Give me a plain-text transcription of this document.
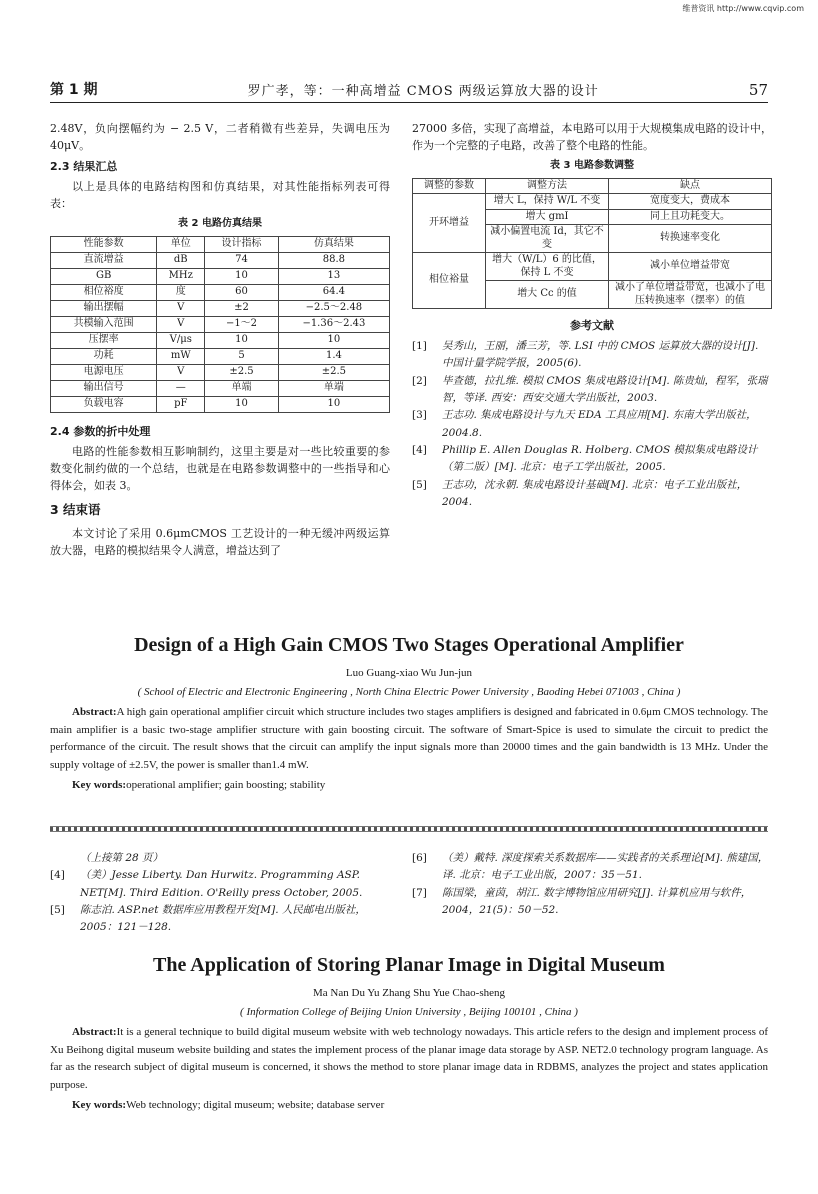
维普资讯 http://www.cqvip.com
第 1 期	罗广孝，等：一种高增益 CMOS 两级运算放大器的设计	57

2.48V，负向摆幅约为 − 2.5 V，二者稍微有些差异，失调电压为 40μV。

2.3 结果汇总

以上是具体的电路结构图和仿真结果，对其性能指标列表可得表：

表 2 电路仿真结果
性能参数	单位	设计指标	仿真结果
直流增益	dB	74	88.8
GB	MHz	10	13
相位裕度	度	60	64.4
输出摆幅	V	±2	−2.5～2.48
共模输入范围	V	−1～2	−1.36～2.43
压摆率	V/μs	10	10
功耗	mW	5	1.4
电源电压	V	±2.5	±2.5
输出信号	—	单端	单端
负载电容	pF	10	10
2.4 参数的折中处理

电路的性能参数相互影响制约，这里主要是对一些比较重要的参数变化制约做的一个总结，也就是在电路参数调整中的一些指导和心得体会，如表 3。

3 结束语

本文讨论了采用 0.6μmCMOS 工艺设计的一种无缓冲两级运算放大器，电路的模拟结果令人满意，增益达到了

27000 多倍，实现了高增益，本电路可以用于大规模集成电路的设计中，作为一个完整的子电路，改善了整个电路的性能。

表 3 电路参数调整
调整的参数	调整方法	缺点
开环增益	增大 L，保持 W/L 不变	宽度变大，费成本
	增大 gmI	同上且功耗变大。
	减小偏置电流 Id，其它不变	转换速率变化
相位裕量	增大（W/L）6 的比值，保持 L 不变	减小单位增益带宽
	增大 Cc 的值	减小了单位增益带宽，也减小了电压转换速率（摆率）的值
参考文献
[1]	吴秀山，王丽，潘三芳，等. LSI 中的 CMOS 运算放大器的设计[J]. 中国计量学院学报，2005(6).
[2]	毕查德，拉扎维. 模拟 CMOS 集成电路设计[M]. 陈贵灿，程军，张瑞智，等译. 西安：西安交通大学出版社，2003.
[3]	王志功. 集成电路设计与九天 EDA 工具应用[M]. 东南大学出版社，2004.8.
[4]	Phillip E. Allen Douglas R. Holberg. CMOS 模拟集成电路设计（第二版）[M]. 北京：电子工学出版社，2005.
[5]	王志功，沈永朝. 集成电路设计基础[M]. 北京：电子工业出版社，2004.
Design of a High Gain CMOS Two Stages Operational Amplifier
Luo Guang-xiao Wu Jun-jun
( School of Electric and Electronic Engineering , North China Electric Power University , Baoding Hebei 071003 , China )
Abstract:A high gain operational amplifier circuit which structure includes two stages amplifiers is designed and fabricated in 0.6μm CMOS technology. The main amplifier is a basic two-stage amplifier structure with gain boosting circuit. The software of Smart-Spice is used to simulate the circuit to predict the performance of the circuit. The result shows that the circuit can amplify the input signals more than 20000 times and the gain bandwidth is 13 MHz. Under the supply voltage of ±2.5V, the power is smaller than1.4 mW.
Key words:operational amplifier; gain boosting; stability
（上接第 28 页）
[4]	（美）Jesse Liberty. Dan Hurwitz. Programming ASP. NET[M]. Third Edition. O'Reilly press October, 2005.
[5]	陈志泊. ASP.net 数据库应用教程开发[M]. 人民邮电出版社，2005：121－128.
[6]	（美）戴特. 深度探索关系数据库——实践者的关系理论[M]. 熊建国，译. 北京：电子工业出版，2007：35－51.
[7]	陈国梁，童茵，胡江. 数字博物馆应用研究[J]. 计算机应用与软件，2004，21(5)：50－52.
The Application of Storing Planar Image in Digital Museum
Ma Nan Du Yu Zhang Shu Yue Chao-sheng
( Information College of Beijing Union University , Beijing 100101 , China )
Abstract:It is a general technique to build digital museum website with web technology nowadays. This article refers to the design and implement process of Xu Beihong digital museum website building and states the implement process of the planar image data storage by ASP. NET2.0 technology program language. As far as the research subject of digital museum is concerned, it shows the method to store planar image data in RDBMS, analyzes the project and states application purpose.
Key words:Web technology; digital museum; website; database server
